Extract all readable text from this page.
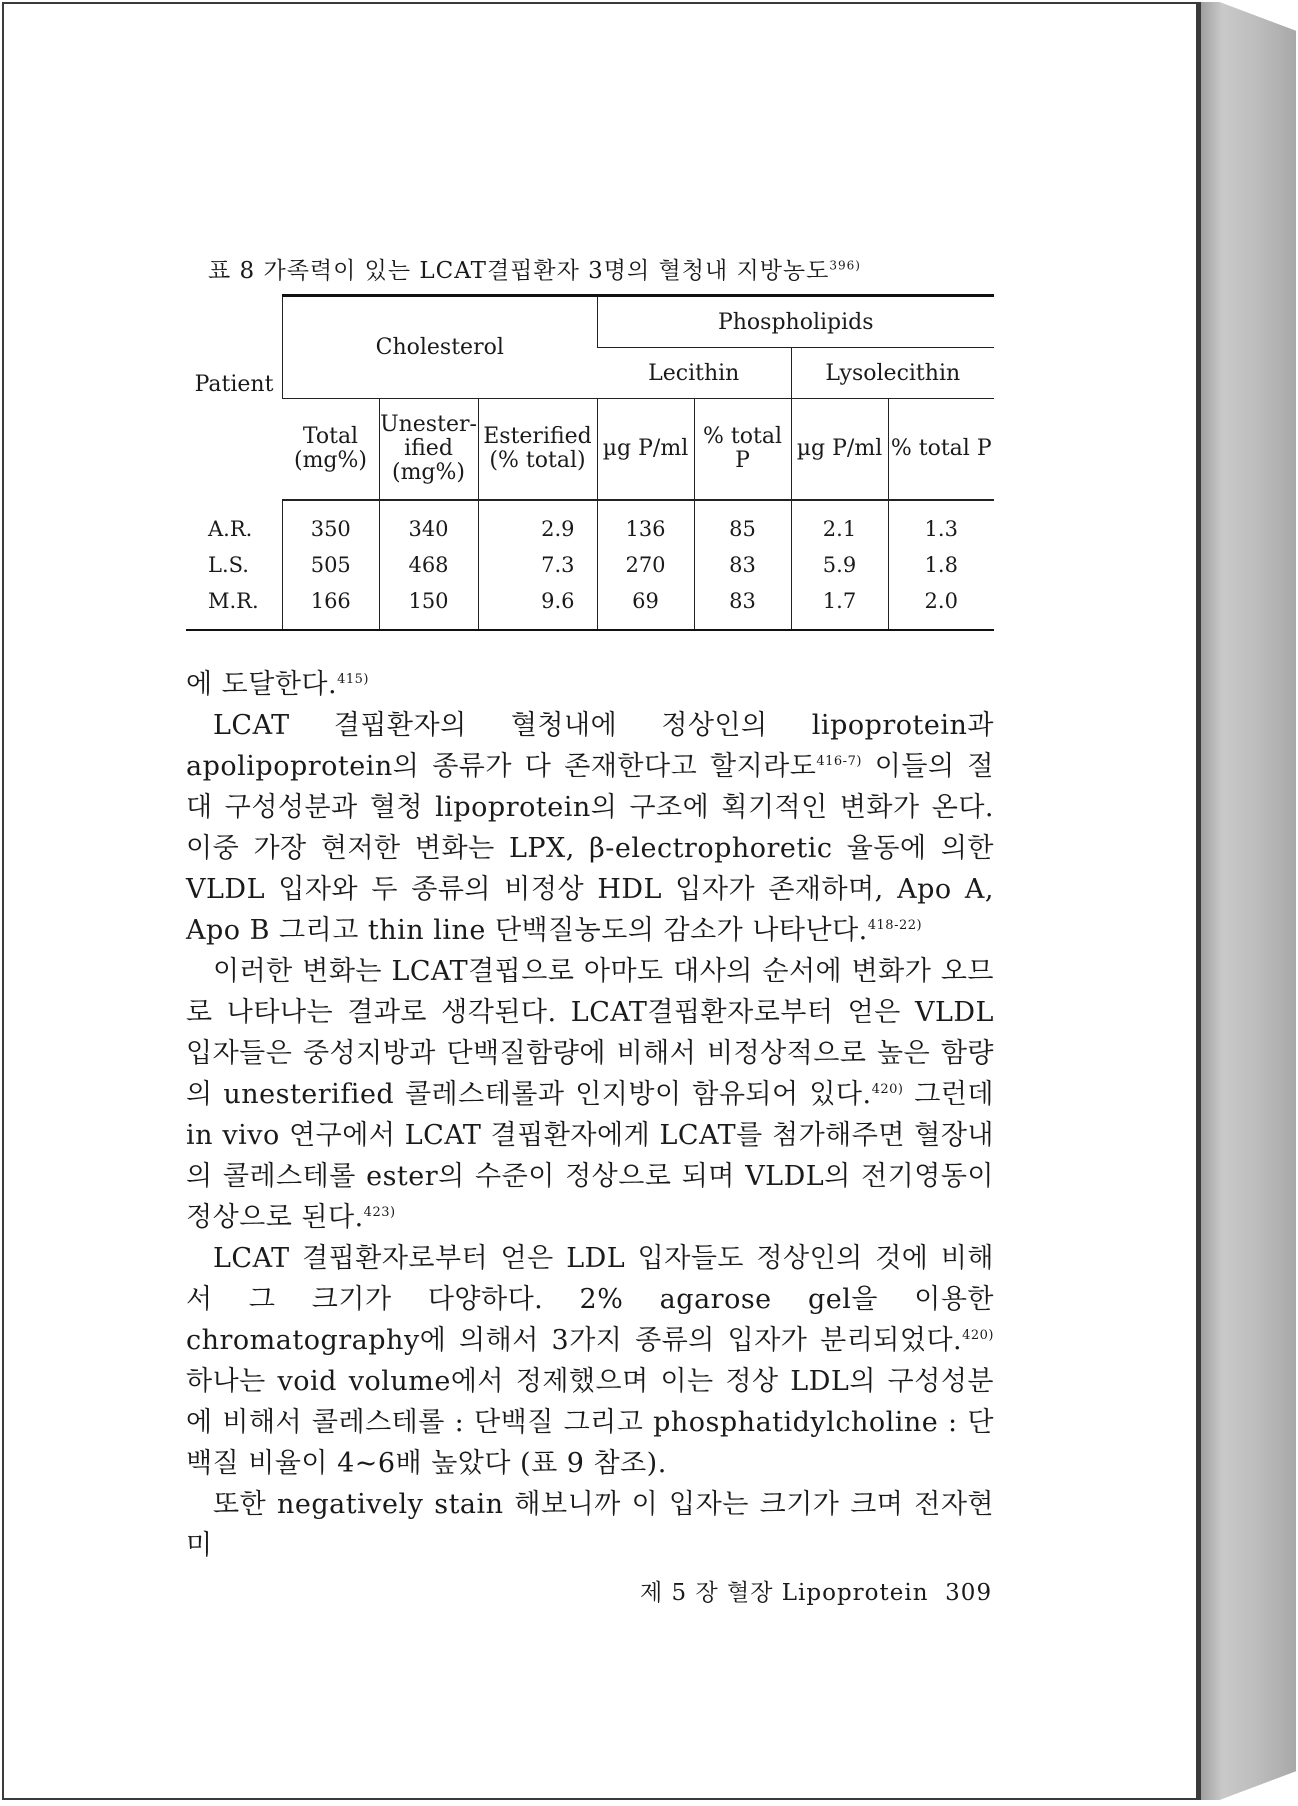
표 8 가족력이 있는 LCAT결핍환자 3명의 혈청내 지방농도$^{396)}$
Patient	Cholesterol			Phospholipids			
				Lecithin		Lysolecithin	
	Total (mg%)	Unester-ified (mg%)	Esterified (% total)	µg P/ml	% total P	µg P/ml	% total P
A.R.	350	340	2.9	136	85	2.1	1.3
L.S.	505	468	7.3	270	83	5.9	1.8
M.R.	166	150	9.6	69	83	1.7	2.0

에 도달한다.$^{415)}$

LCAT 결핍환자의 혈청내에 정상인의 lipoprotein과 apolipoprotein의 종류가 다 존재한다고 할지라도$^{416-7)}$ 이들의 절대 구성성분과 혈청 lipoprotein의 구조에 획기적인 변화가 온다. 이중 가장 현저한 변화는 LPX, β-electrophoretic 율동에 의한 VLDL 입자와 두 종류의 비정상 HDL 입자가 존재하며, Apo A, Apo B 그리고 thin line 단백질농도의 감소가 나타난다.$^{418-22)}$

이러한 변화는 LCAT결핍으로 아마도 대사의 순서에 변화가 오므로 나타나는 결과로 생각된다. LCAT결핍환자로부터 얻은 VLDL 입자들은 중성지방과 단백질함량에 비해서 비정상적으로 높은 함량의 unesterified 콜레스테롤과 인지방이 함유되어 있다.$^{420)}$ 그런데 in vivo 연구에서 LCAT 결핍환자에게 LCAT를 첨가해주면 혈장내의 콜레스테롤 ester의 수준이 정상으로 되며 VLDL의 전기영동이 정상으로 된다.$^{423)}$

LCAT 결핍환자로부터 얻은 LDL 입자들도 정상인의 것에 비해서 그 크기가 다양하다. 2% agarose gel을 이용한 chromatography에 의해서 3가지 종류의 입자가 분리되었다.$^{420)}$ 하나는 void volume에서 정제했으며 이는 정상 LDL의 구성성분에 비해서 콜레스테롤 : 단백질 그리고 phosphatidylcholine : 단백질 비율이 4~6배 높았다 (표 9 참조).

또한 negatively stain 해보니까 이 입자는 크기가 크며 전자현미

제 5 장 혈장 Lipoprotein 309
